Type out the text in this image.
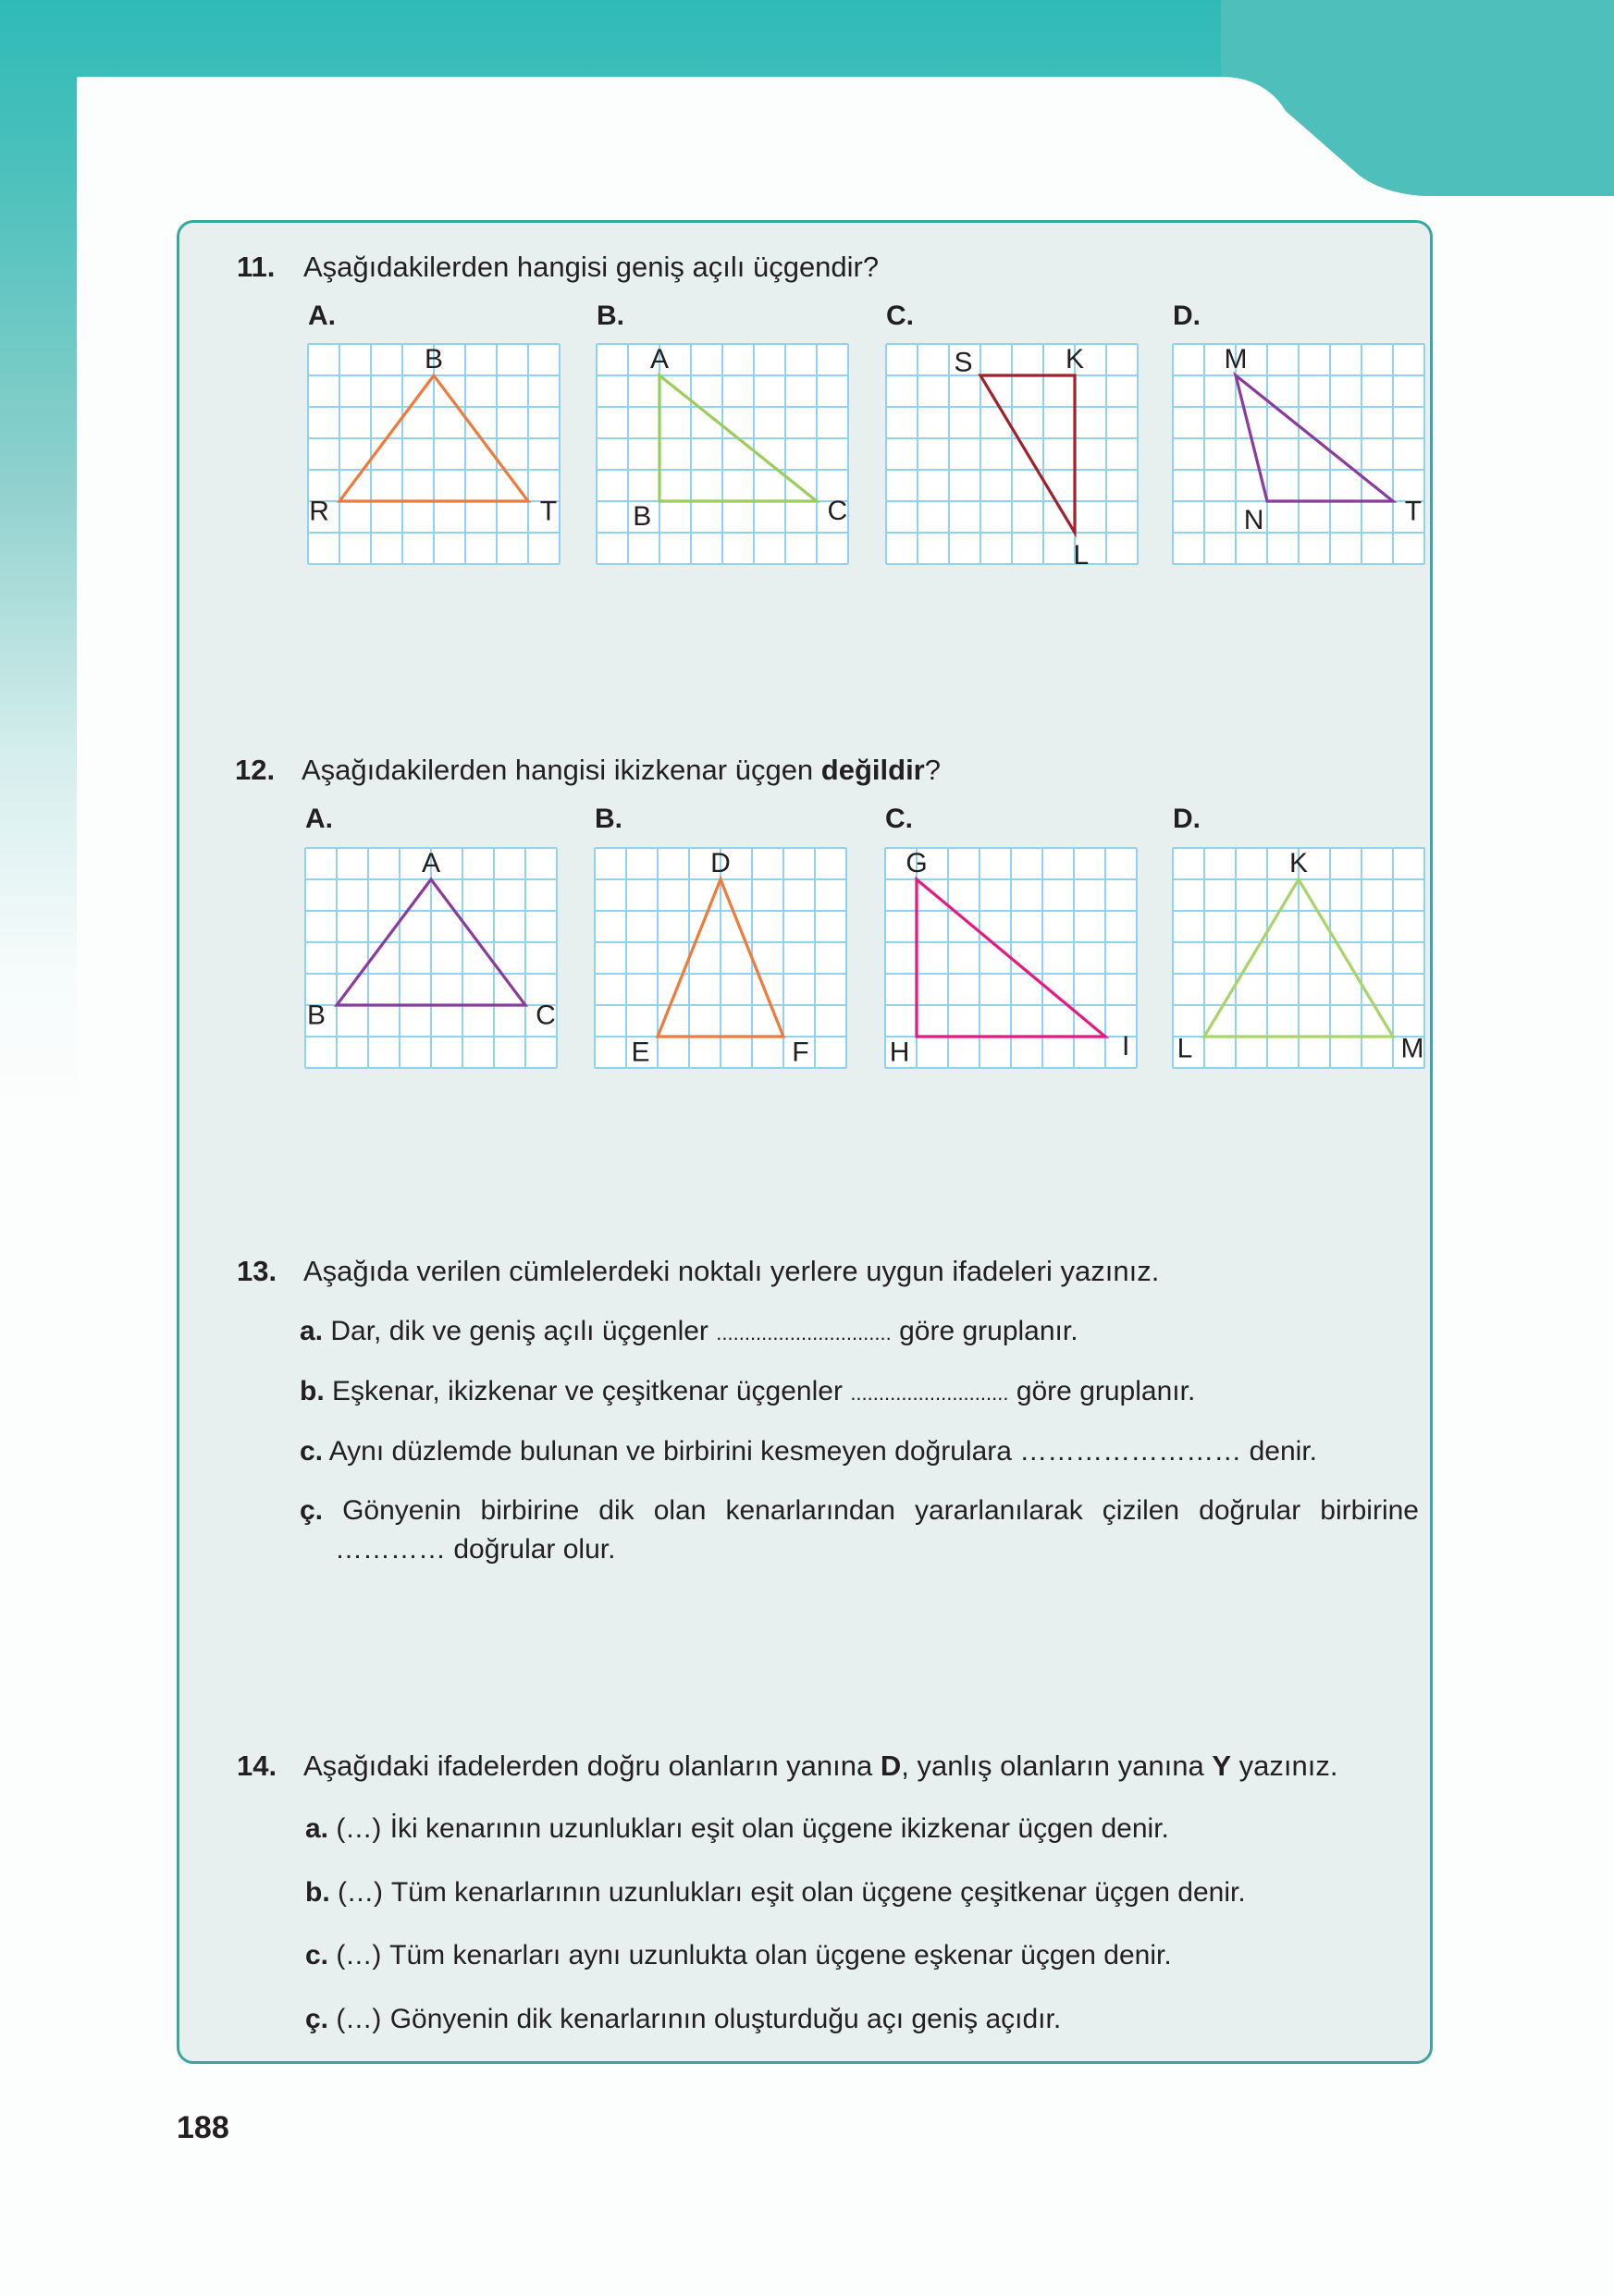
11. Aşağıdakilerden hangisi geniş açılı üçgendir?
A.
B
R	T
B.
A
B	C
C.
S	K
L
D.
M
N	T
12. Aşağıdakilerden hangisi ikizkenar üçgen değildir?
A.
A
B	C
B.
D
E	F
C.
G
H	I
D.
K
L	M
13. Aşağıda verilen cümlelerdeki noktalı yerlere uygun ifadeleri yazınız.
a. Dar, dik ve geniş açılı üçgenler ............................... göre gruplanır.
b. Eşkenar, ikizkenar ve çeşitkenar üçgenler ............................ göre gruplanır.
c. Aynı düzlemde bulunan ve birbirini kesmeyen doğrulara …………………… denir.
ç. Gönyenin birbirine dik olan kenarlarından yararlanılarak çizilen doğrular birbirine
………… doğrular olur.
14. Aşağıdaki ifadelerden doğru olanların yanına D, yanlış olanların yanına Y yazınız.
a. (...) İki kenarının uzunlukları eşit olan üçgene ikizkenar üçgen denir.
b. (...) Tüm kenarlarının uzunlukları eşit olan üçgene çeşitkenar üçgen denir.
c. (...) Tüm kenarları aynı uzunlukta olan üçgene eşkenar üçgen denir.
ç. (...) Gönyenin dik kenarlarının oluşturduğu açı geniş açıdır.
188
